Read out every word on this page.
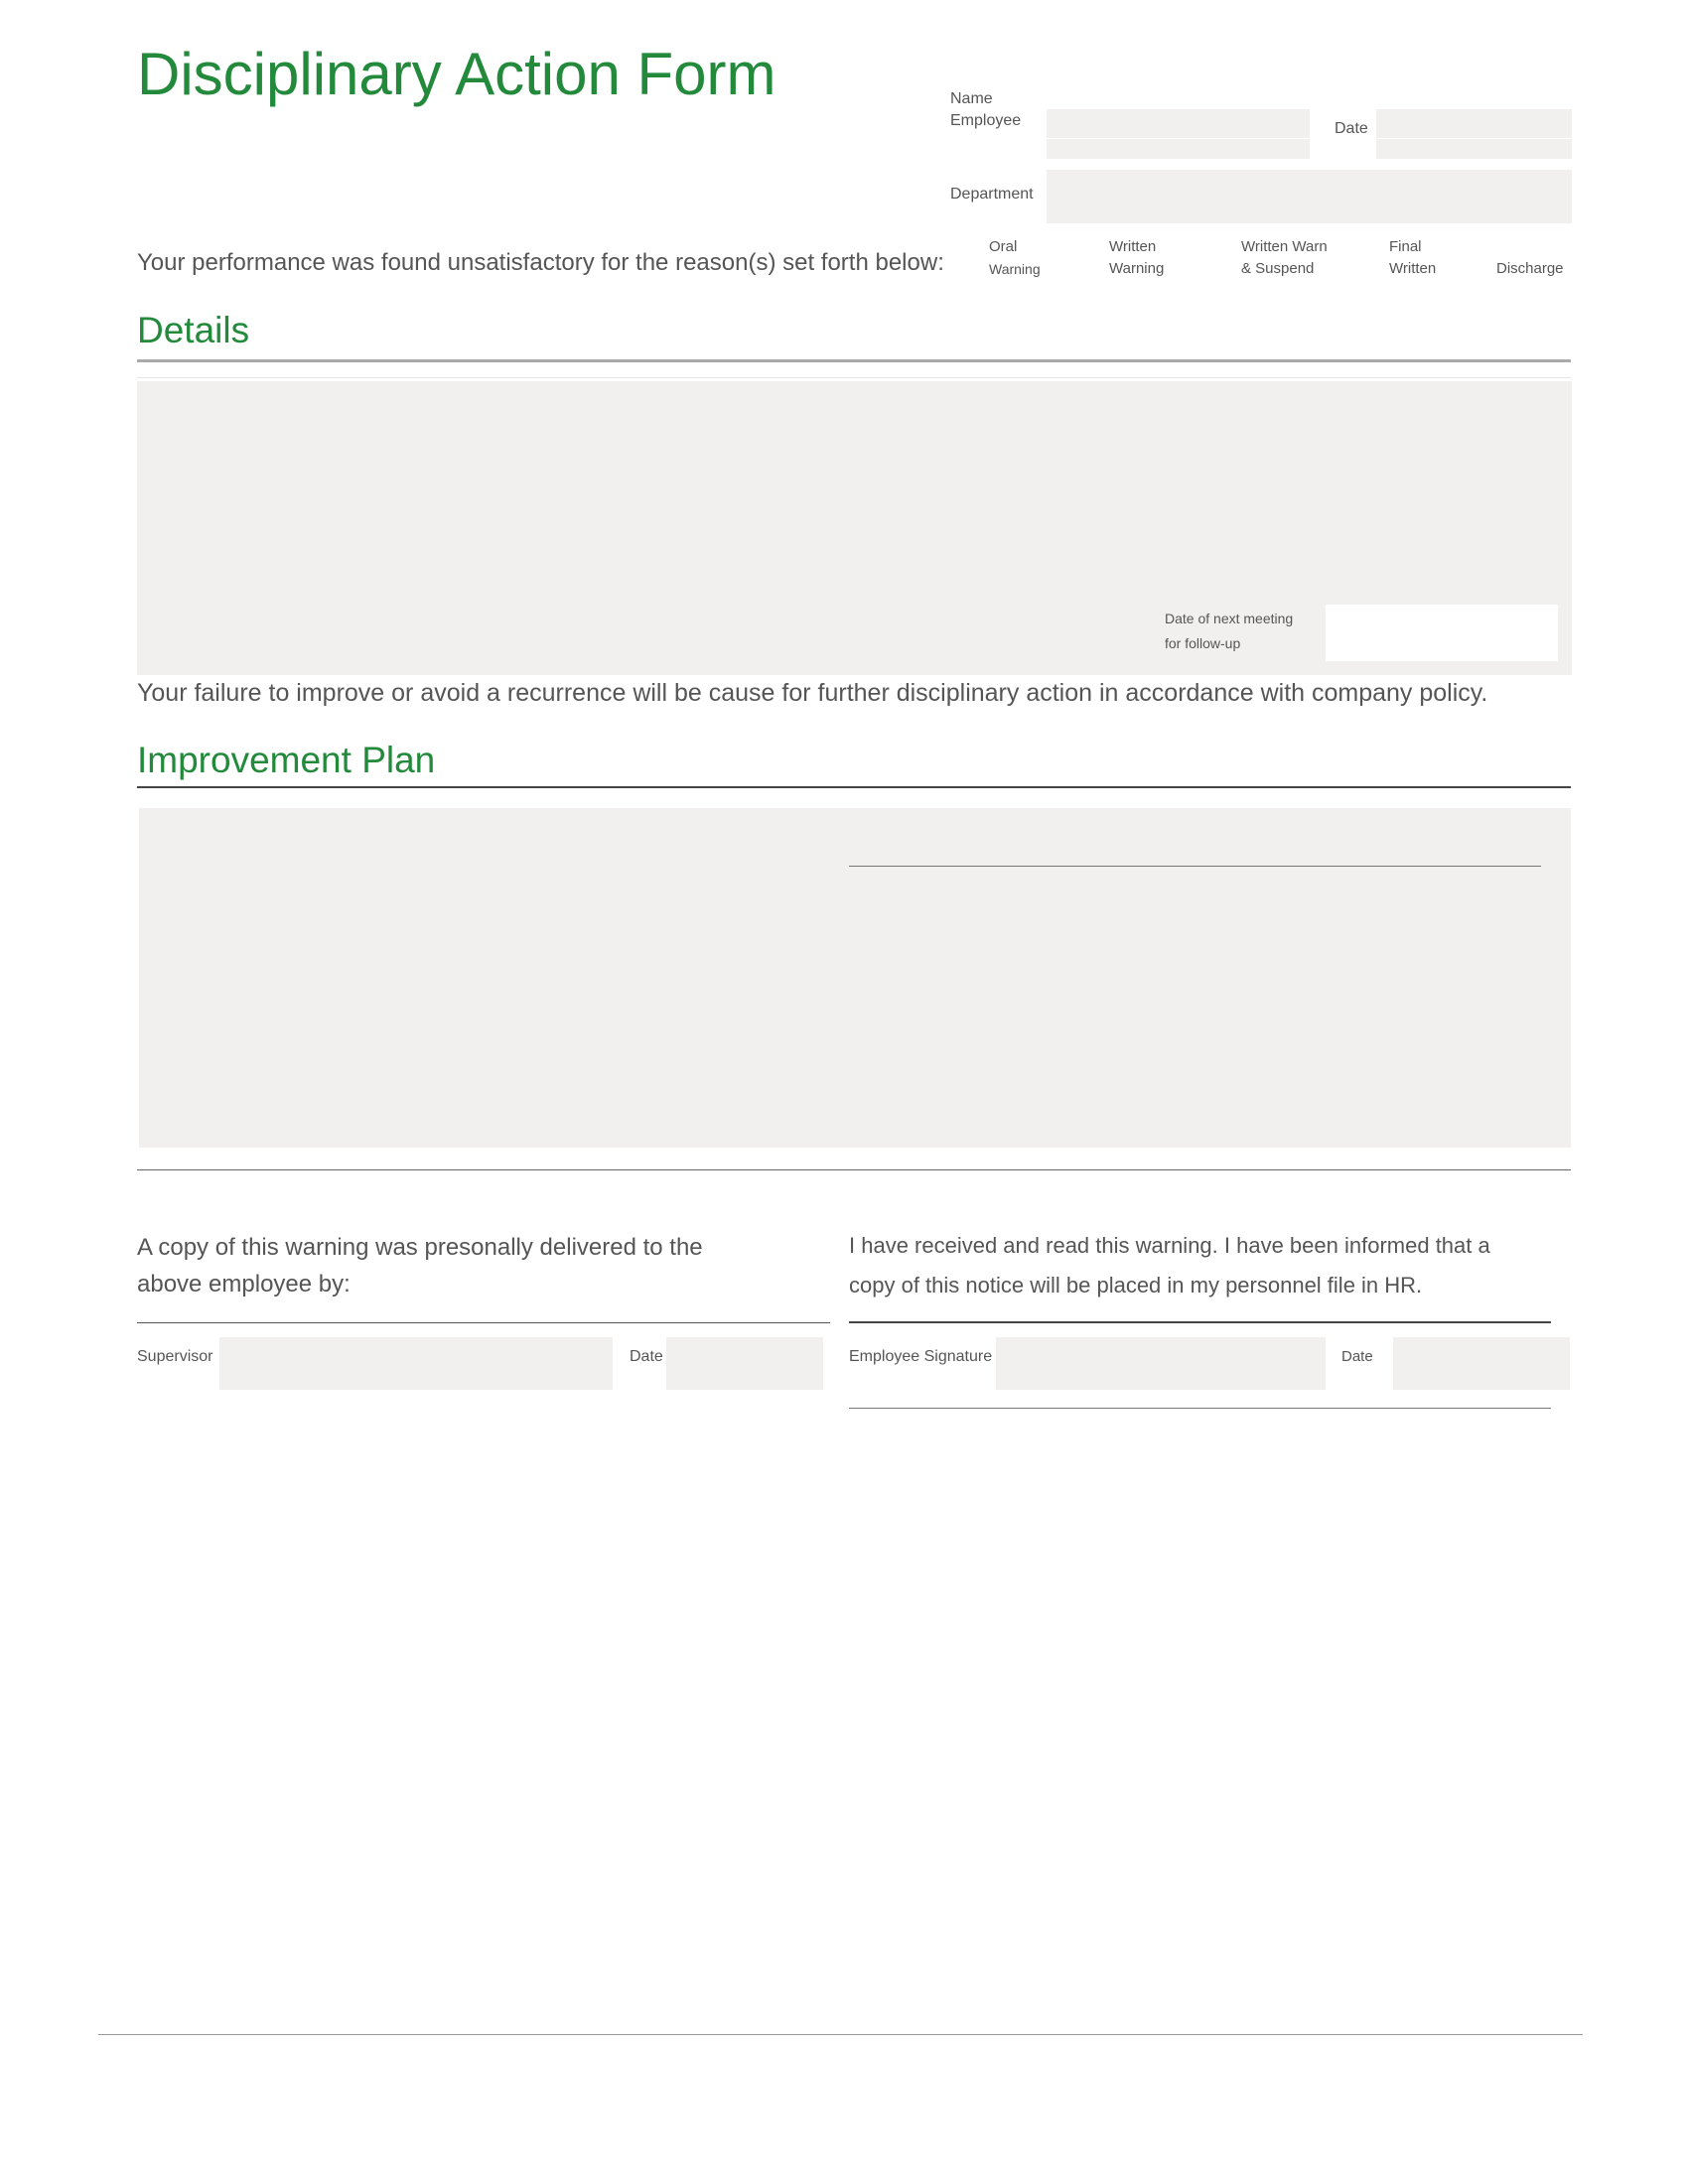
Disciplinary Action Form	Name
Employee	Date
Department
Your performance was found unsatisfactory for the reason(s) set forth below:
Oral
Warning
Written
Warning
Written Warn
& Suspend
Final
Written	Discharge
Details
Date of next meeting
for follow-up
Your failure to improve or avoid a recurrence will be cause for further disciplinary action in accordance with company policy.
Improvement Plan
A copy of this warning was presonally delivered to the
above employee by:
Supervisor	Date
I have received and read this warning. I have been informed that a
copy of this notice will be placed in my personnel file in HR.
Employee Signature	Date
